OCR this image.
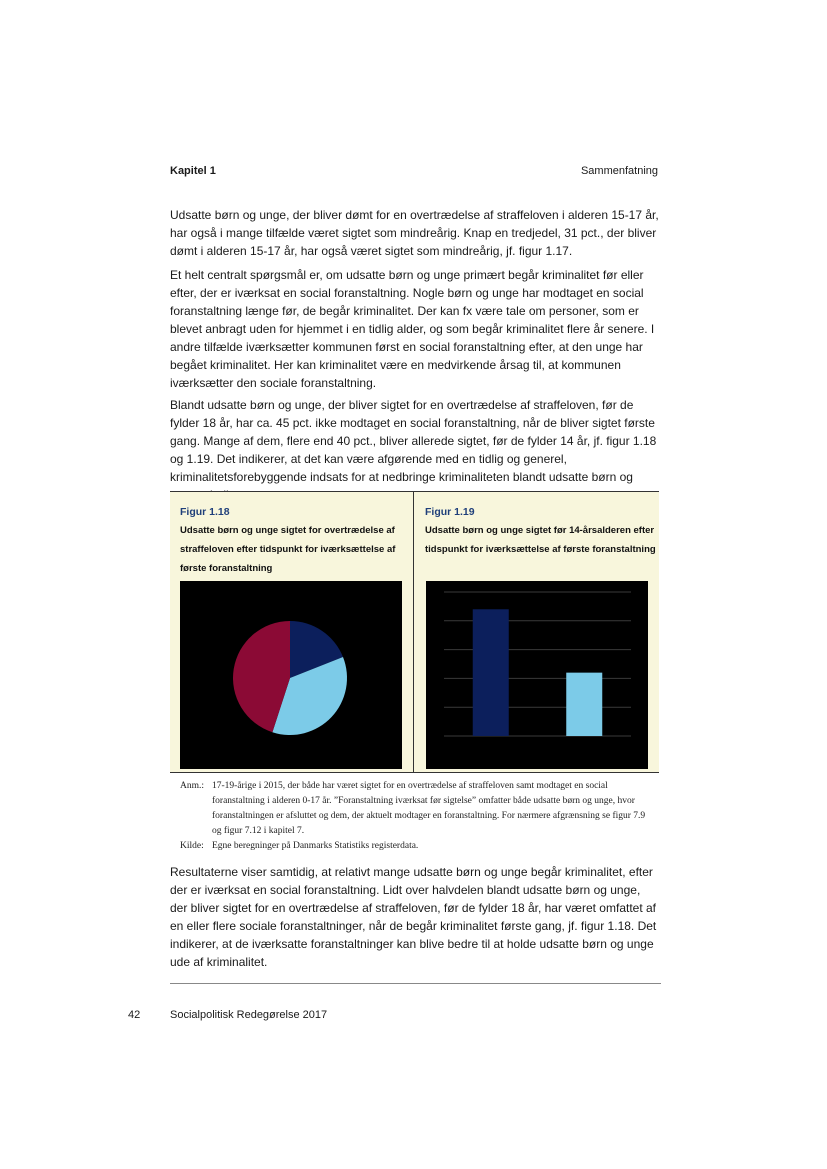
Kapitel 1	Sammenfatning

Udsatte børn og unge, der bliver dømt for en overtrædelse af straffeloven i alderen 15-17 år, har også i mange tilfælde været sigtet som mindreårig. Knap en tredjedel, 31 pct., der bliver dømt i alderen 15-17 år, har også været sigtet som mindreårig, jf. figur 1.17.

Et helt centralt spørgsmål er, om udsatte børn og unge primært begår kriminalitet før eller efter, der er iværksat en social foranstaltning. Nogle børn og unge har modtaget en social foranstaltning længe før, de begår kriminalitet. Der kan fx være tale om personer, som er blevet anbragt uden for hjemmet i en tidlig alder, og som begår kriminalitet flere år senere. I andre tilfælde iværksætter kommunen først en social foranstaltning efter, at den unge har begået kriminalitet. Her kan kriminalitet være en medvirkende årsag til, at kommunen iværksætter den sociale foranstaltning.

Blandt udsatte børn og unge, der bliver sigtet for en overtrædelse af straffeloven, før de fylder 18 år, har ca. 45 pct. ikke modtaget en social foranstaltning, når de bliver sigtet første gang. Mange af dem, flere end 40 pct., bliver allerede sigtet, før de fylder 14 år, jf. figur 1.18 og 1.19. Det indikerer, at det kan være afgørende med en tidlig og generel, kriminalitetsforebyggende indsats for at nedbringe kriminaliteten blandt udsatte børn og

Figur 1.18
Udsatte børn og unge sigtet for overtrædelse af straffeloven efter tidspunkt for iværksættelse af første foranstaltning
Figur 1.19
Udsatte børn og unge sigtet før 14-årsalderen efter tidspunkt for iværksættelse af første foranstaltning
Anm.: 17-19-årige i 2015, der både har været sigtet for en overtrædelse af straffeloven samt modtaget en social foranstaltning i alderen 0-17 år. ”Foranstaltning iværksat før sigtelse” omfatter både udsatte børn og unge, hvor foranstaltningen er afsluttet og dem, der aktuelt modtager en foranstaltning. For nærmere afgrænsning se figur 7.9 og figur 7.12 i kapitel 7.
Kilde: Egne beregninger på Danmarks Statistiks registerdata.

Resultaterne viser samtidig, at relativt mange udsatte børn og unge begår kriminalitet, efter der er iværksat en social foranstaltning. Lidt over halvdelen blandt udsatte børn og unge, der bliver sigtet for en overtrædelse af straffeloven, før de fylder 18 år, har været omfattet af en eller flere sociale foranstaltninger, når de begår kriminalitet første gang, jf. figur 1.18. Det indikerer, at de iværksatte foranstaltninger kan blive bedre til at holde udsatte børn og unge ude af kriminalitet.

42	Socialpolitisk Redegørelse 2017
